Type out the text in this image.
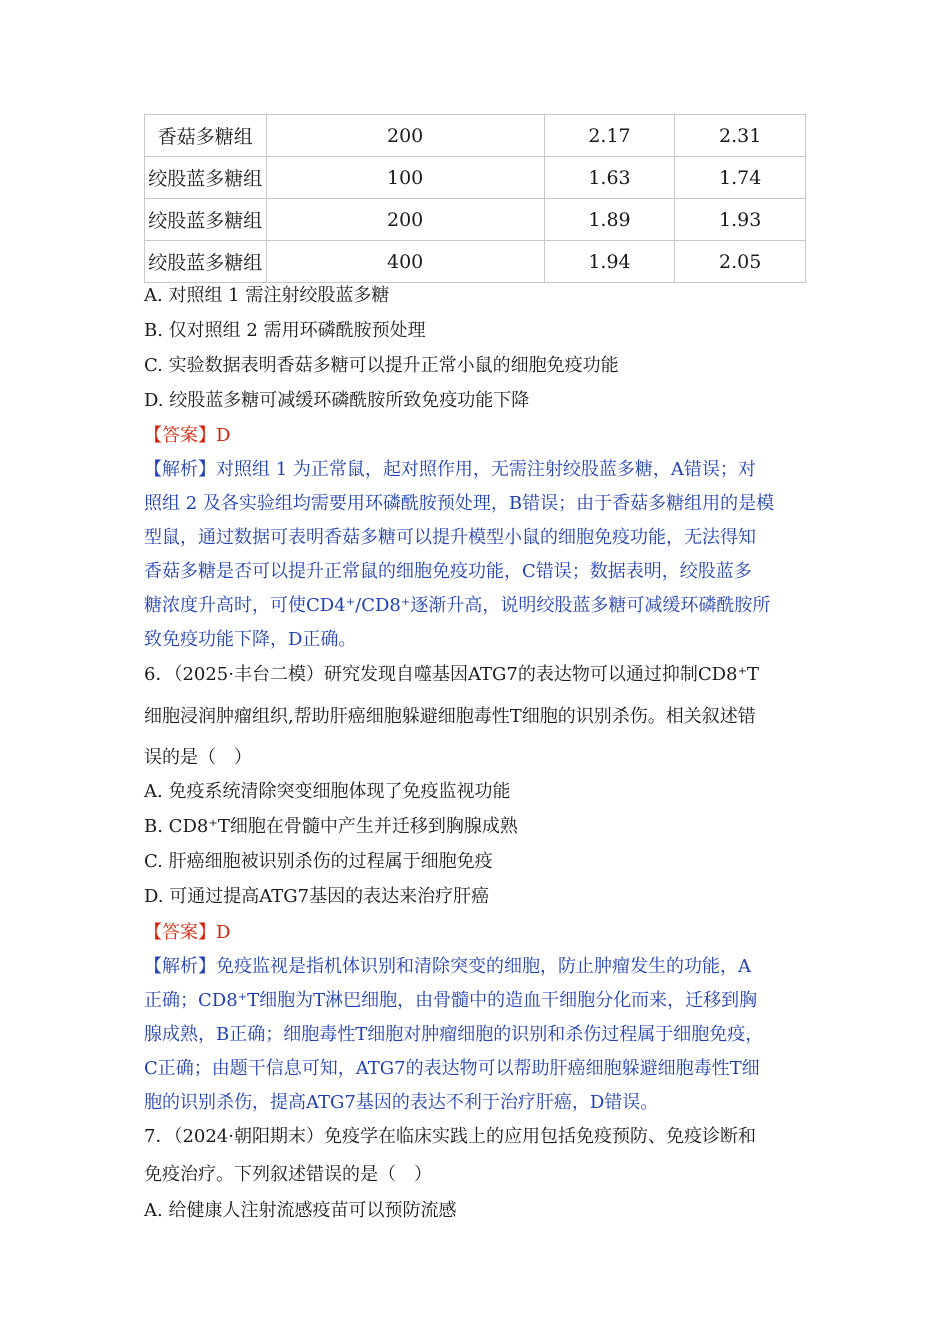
香菇多糖组	200	2.17	2.31
绞股蓝多糖组	100	1.63	1.74
绞股蓝多糖组	200	1.89	1.93
绞股蓝多糖组	400	1.94	2.05
A. 对照组 1 需注射绞股蓝多糖
B. 仅对照组 2 需用环磷酰胺预处理
C. 实验数据表明香菇多糖可以提升正常小鼠的细胞免疫功能
D. 绞股蓝多糖可减缓环磷酰胺所致免疫功能下降
【答案】D
【解析】对照组 1 为正常鼠，起对照作用，无需注射绞股蓝多糖，A错误；对
照组 2 及各实验组均需要用环磷酰胺预处理，B错误；由于香菇多糖组用的是模
型鼠，通过数据可表明香菇多糖可以提升模型小鼠的细胞免疫功能，无法得知
香菇多糖是否可以提升正常鼠的细胞免疫功能，C错误；数据表明，绞股蓝多
糖浓度升高时，可使CD4⁺/CD8⁺逐渐升高，说明绞股蓝多糖可减缓环磷酰胺所
致免疫功能下降，D正确。
6．（2025·丰台二模）研究发现自噬基因ATG7的表达物可以通过抑制CD8⁺T
细胞浸润肿瘤组织,帮助肝癌细胞躲避细胞毒性T细胞的识别杀伤。相关叙述错
误的是（　）
A. 免疫系统清除突变细胞体现了免疫监视功能
B. CD8⁺T细胞在骨髓中产生并迁移到胸腺成熟
C. 肝癌细胞被识别杀伤的过程属于细胞免疫
D. 可通过提高ATG7基因的表达来治疗肝癌
【答案】D
【解析】免疫监视是指机体识别和清除突变的细胞，防止肿瘤发生的功能，A
正确；CD8⁺T细胞为T淋巴细胞，由骨髓中的造血干细胞分化而来，迁移到胸
腺成熟，B正确；细胞毒性T细胞对肿瘤细胞的识别和杀伤过程属于细胞免疫，
C正确；由题干信息可知，ATG7的表达物可以帮助肝癌细胞躲避细胞毒性T细
胞的识别杀伤，提高ATG7基因的表达不利于治疗肝癌，D错误。
7．（2024·朝阳期末）免疫学在临床实践上的应用包括免疫预防、免疫诊断和
免疫治疗。下列叙述错误的是（　）
A. 给健康人注射流感疫苗可以预防流感
